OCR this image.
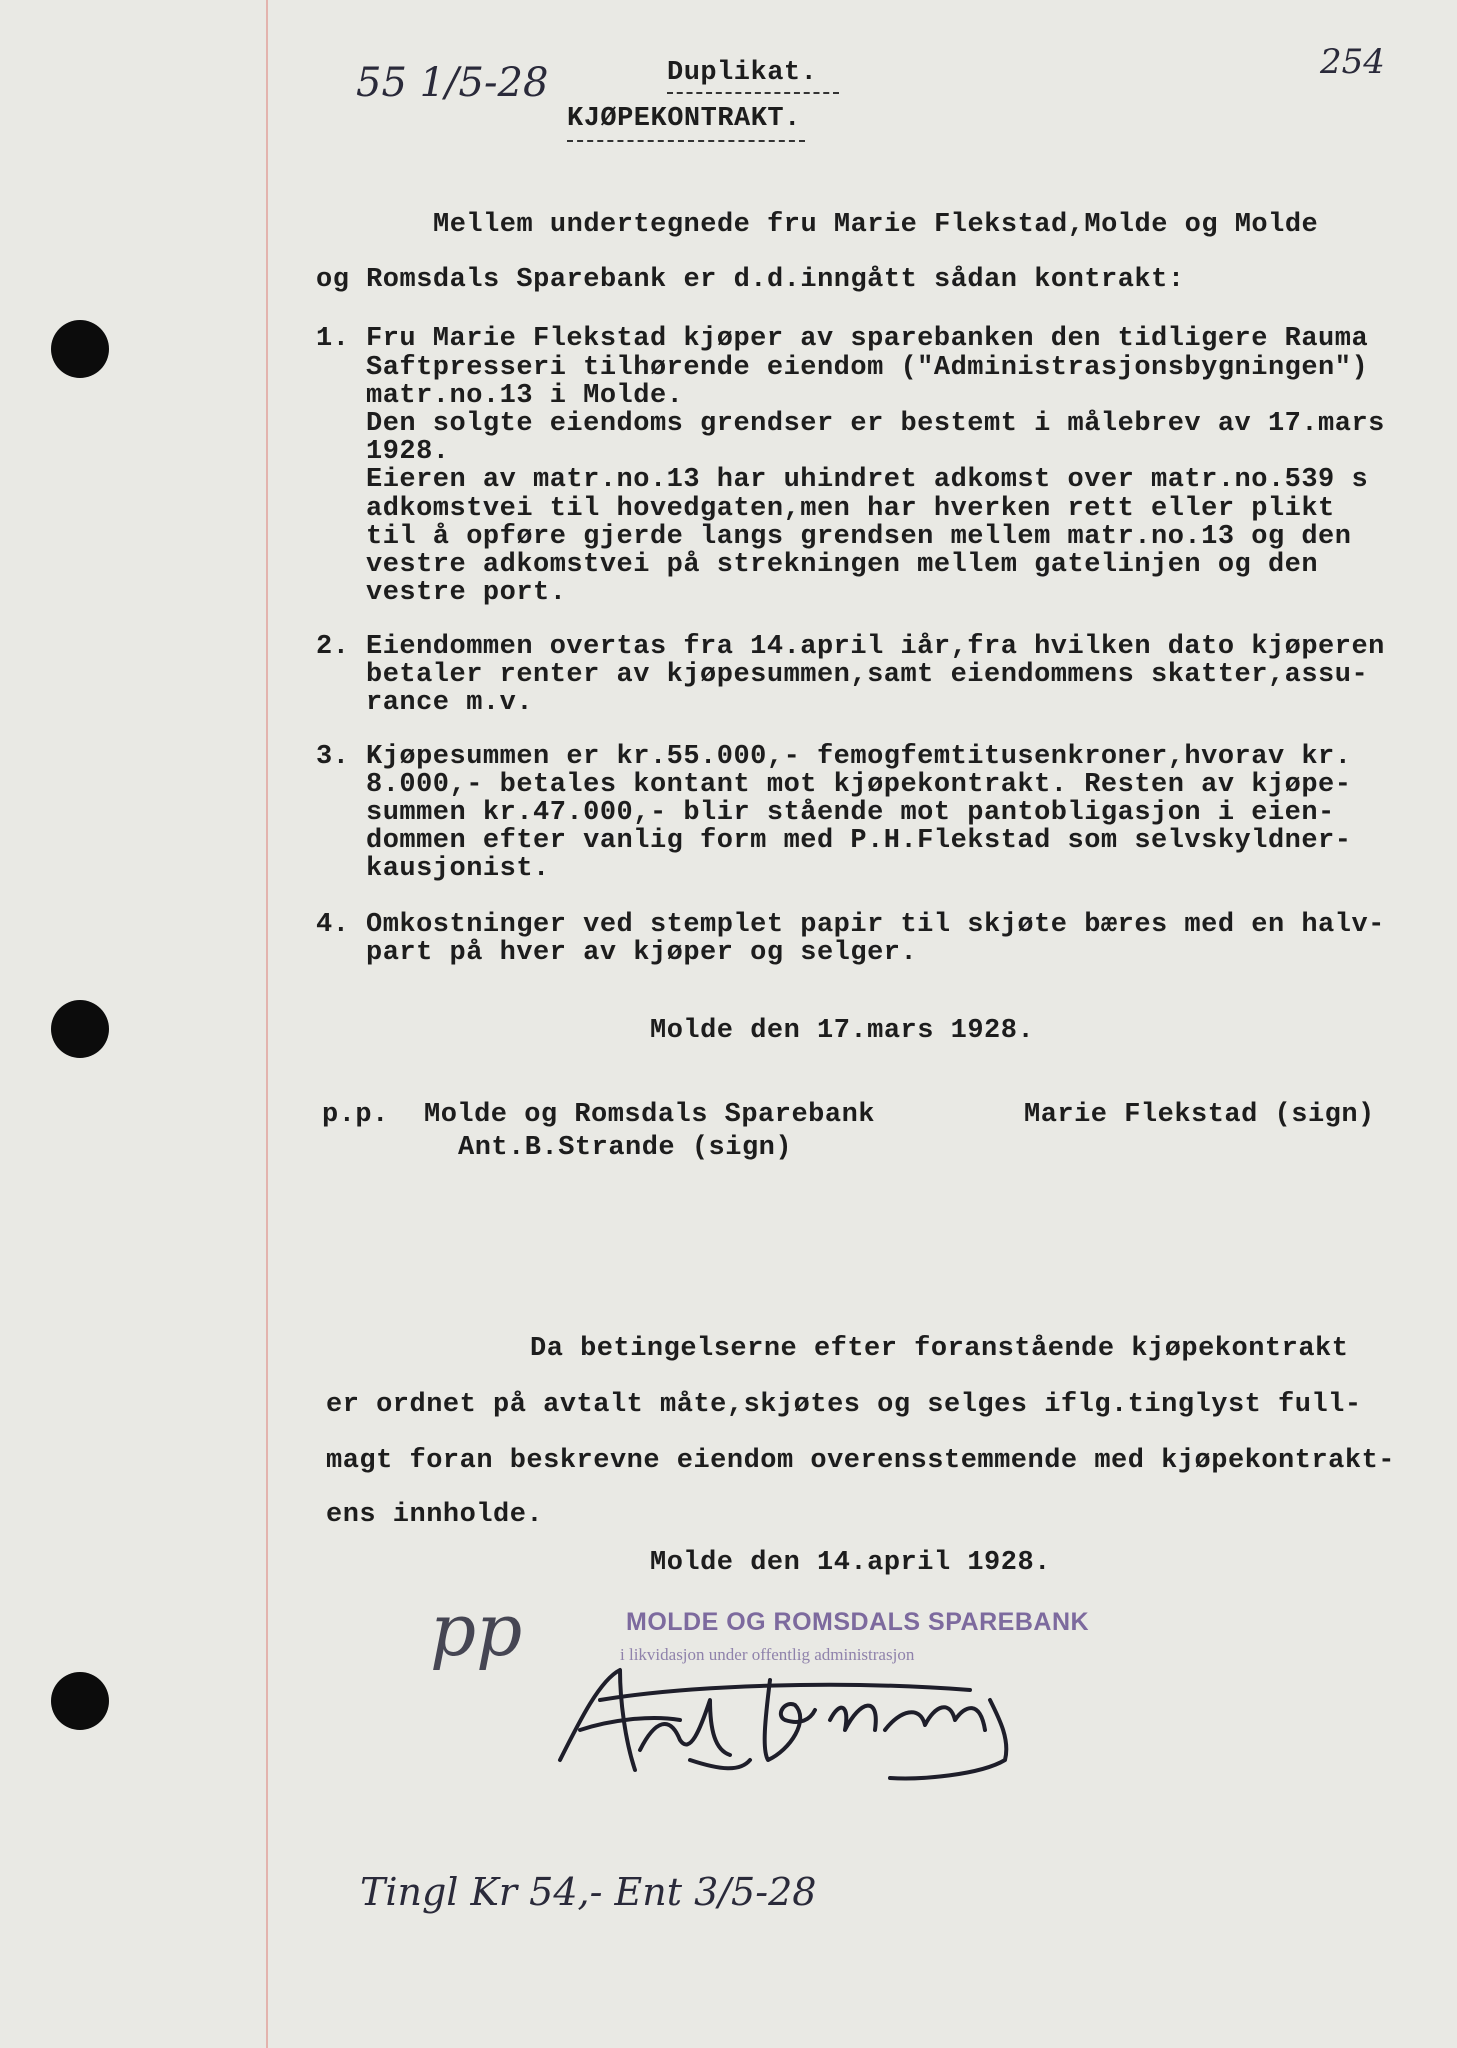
55 1/5-28	Duplikat.
KJØPEKONTRAKT.
254
Mellem undertegnede fru Marie Flekstad,Molde og Molde
og Romsdals Sparebank er d.d.inngått sådan kontrakt:
1. Fru Marie Flekstad kjøper av sparebanken den tidligere Rauma
Saftpresseri tilhørende eiendom ("Administrasjonsbygningen")
matr.no.13 i Molde.
Den solgte eiendoms grendser er bestemt i målebrev av 17.mars
1928.
Eieren av matr.no.13 har uhindret adkomst over matr.no.539 s
adkomstvei til hovedgaten,men har hverken rett eller plikt
til å opføre gjerde langs grendsen mellem matr.no.13 og den
vestre adkomstvei på strekningen mellem gatelinjen og den
vestre port.
2. Eiendommen overtas fra 14.april iår,fra hvilken dato kjøperen
betaler renter av kjøpesummen,samt eiendommens skatter,assu-
rance m.v.
3. Kjøpesummen er kr.55.000,- femogfemtitusenkroner,hvorav kr.
8.000,- betales kontant mot kjøpekontrakt. Resten av kjøpe-
summen kr.47.000,- blir stående mot pantobligasjon i eien-
dommen efter vanlig form med P.H.Flekstad som selvskyldner-
kausjonist.
4. Omkostninger ved stemplet papir til skjøte bæres med en halv-
part på hver av kjøper og selger.
Molde den 17.mars 1928.
p.p. Molde og Romsdals Sparebank
Ant.B.Strande (sign)
Marie Flekstad (sign)
Da betingelserne efter foranstående kjøpekontrakt
er ordnet på avtalt måte,skjøtes og selges iflg.tinglyst full-
magt foran beskrevne eiendom overensstemmende med kjøpekontrakt-
ens innholde.
Molde den 14.april 1928.
MOLDE OG ROMSDALS SPAREBANK
i likvidasjon under offentlig administrasjon
pp
Tingl Kr 54,- Ent 3/5-28
